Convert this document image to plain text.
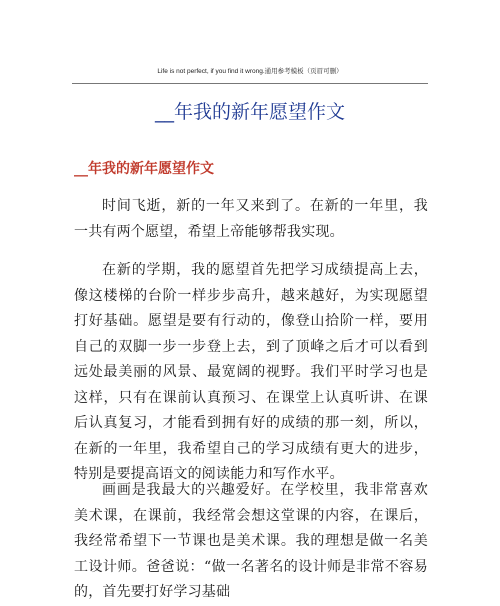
Life is not perfect, if you find it wrong.通用参考模板（页眉可删）
__年我的新年愿望作文
__年我的新年愿望作文

时间飞逝，新的一年又来到了。在新的一年里，我一共有两个愿望，希望上帝能够帮我实现。

在新的学期，我的愿望首先把学习成绩提高上去，像这楼梯的台阶一样步步高升，越来越好，为实现愿望打好基础。愿望是要有行动的，像登山拾阶一样，要用自己的双脚一步一步登上去，到了顶峰之后才可以看到远处最美丽的风景、最宽阔的视野。我们平时学习也是这样，只有在课前认真预习、在课堂上认真听讲、在课后认真复习，才能看到拥有好的成绩的那一刻，所以，在新的一年里，我希望自己的学习成绩有更大的进步，特别是要提高语文的阅读能力和写作水平。

画画是我最大的兴趣爱好。在学校里，我非常喜欢美术课，在课前，我经常会想这堂课的内容，在课后，我经常希望下一节课也是美术课。我的理想是做一名美工设计师。爸爸说：“做一名著名的设计师是非常不容易的，首先要打好学习基础
